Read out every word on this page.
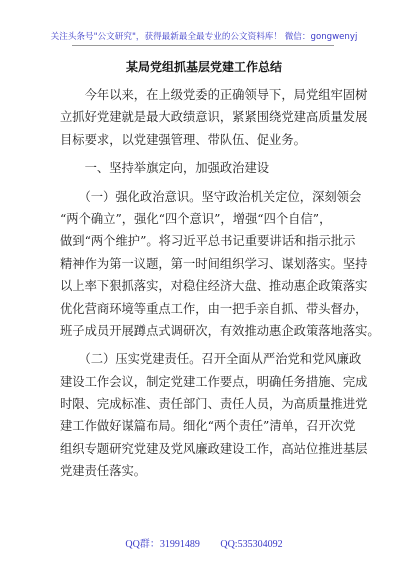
关注头条号"公文研究"，获得最新最全最专业的公文资料库！ 微信：gongwenyj
某局党组抓基层党建工作总结

　　今年以来，在上级党委的正确领导下，局党组牢固树
立抓好党建就是最大政绩意识，紧紧围绕党建高质量发展
目标要求，以党建强管理、带队伍、促业务。

　　一、坚持举旗定向，加强政治建设

　　（一）强化政治意识。坚守政治机关定位，深刻领会
“两个确立”，强化“四个意识”，增强“四个自信”，
做到“两个维护”。将习近平总书记重要讲话和指示批示
精神作为第一议题，第一时间组织学习、谋划落实。坚持
以上率下狠抓落实，对稳住经济大盘、推动惠企政策落实
优化营商环境等重点工作，由一把手亲自抓、带头督办，
班子成员开展蹲点式调研次，有效推动惠企政策落地落实。

　　（二）压实党建责任。召开全面从严治党和党风廉政
建设工作会议，制定党建工作要点，明确任务措施、完成
时限、完成标准、责任部门、责任人员，为高质量推进党
建工作做好谋篇布局。细化“两个责任”清单，召开次党
组织专题研究党建及党风廉政建设工作，高站位推进基层
党建责任落实。

QQ群：31991489 QQ:535304092
